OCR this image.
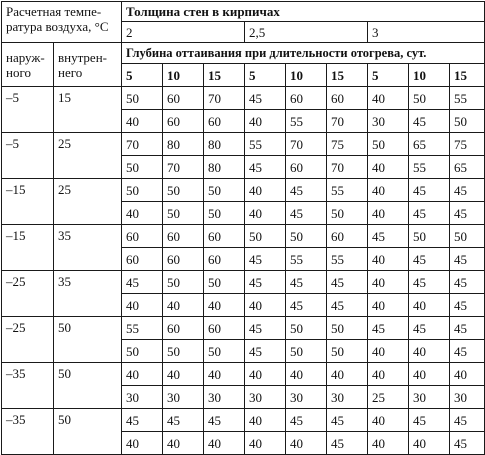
Расчетная темпе-
ратура воздуха, °С		Толщина стен в кирпичах								
		2			2,5			3		
наруж-
ного	внутрен-
него	Глубина оттаивания при длительности отогрева, сут.								
		5	10	15	5	10	15	5	10	15
–5	15	50	60	70	45	60	60	40	50	55
		40	60	60	40	55	70	30	45	50
–5	25	70	80	80	55	70	75	50	65	75
		50	70	80	45	60	70	40	55	65
–15	25	50	50	50	40	45	55	40	45	45
		40	50	50	40	45	50	40	45	45
–15	35	60	60	60	50	50	60	45	50	50
		60	60	60	45	55	55	40	45	45
–25	35	45	50	50	45	45	45	40	45	45
		40	40	40	40	45	45	40	40	45
–25	50	55	60	60	45	50	50	45	45	45
		50	50	50	45	50	50	40	40	45
–35	50	40	40	40	40	40	40	40	40	40
		30	30	30	30	30	30	25	30	30
–35	50	45	45	45	40	45	45	40	45	45
		40	40	40	40	40	45	40	40	45
